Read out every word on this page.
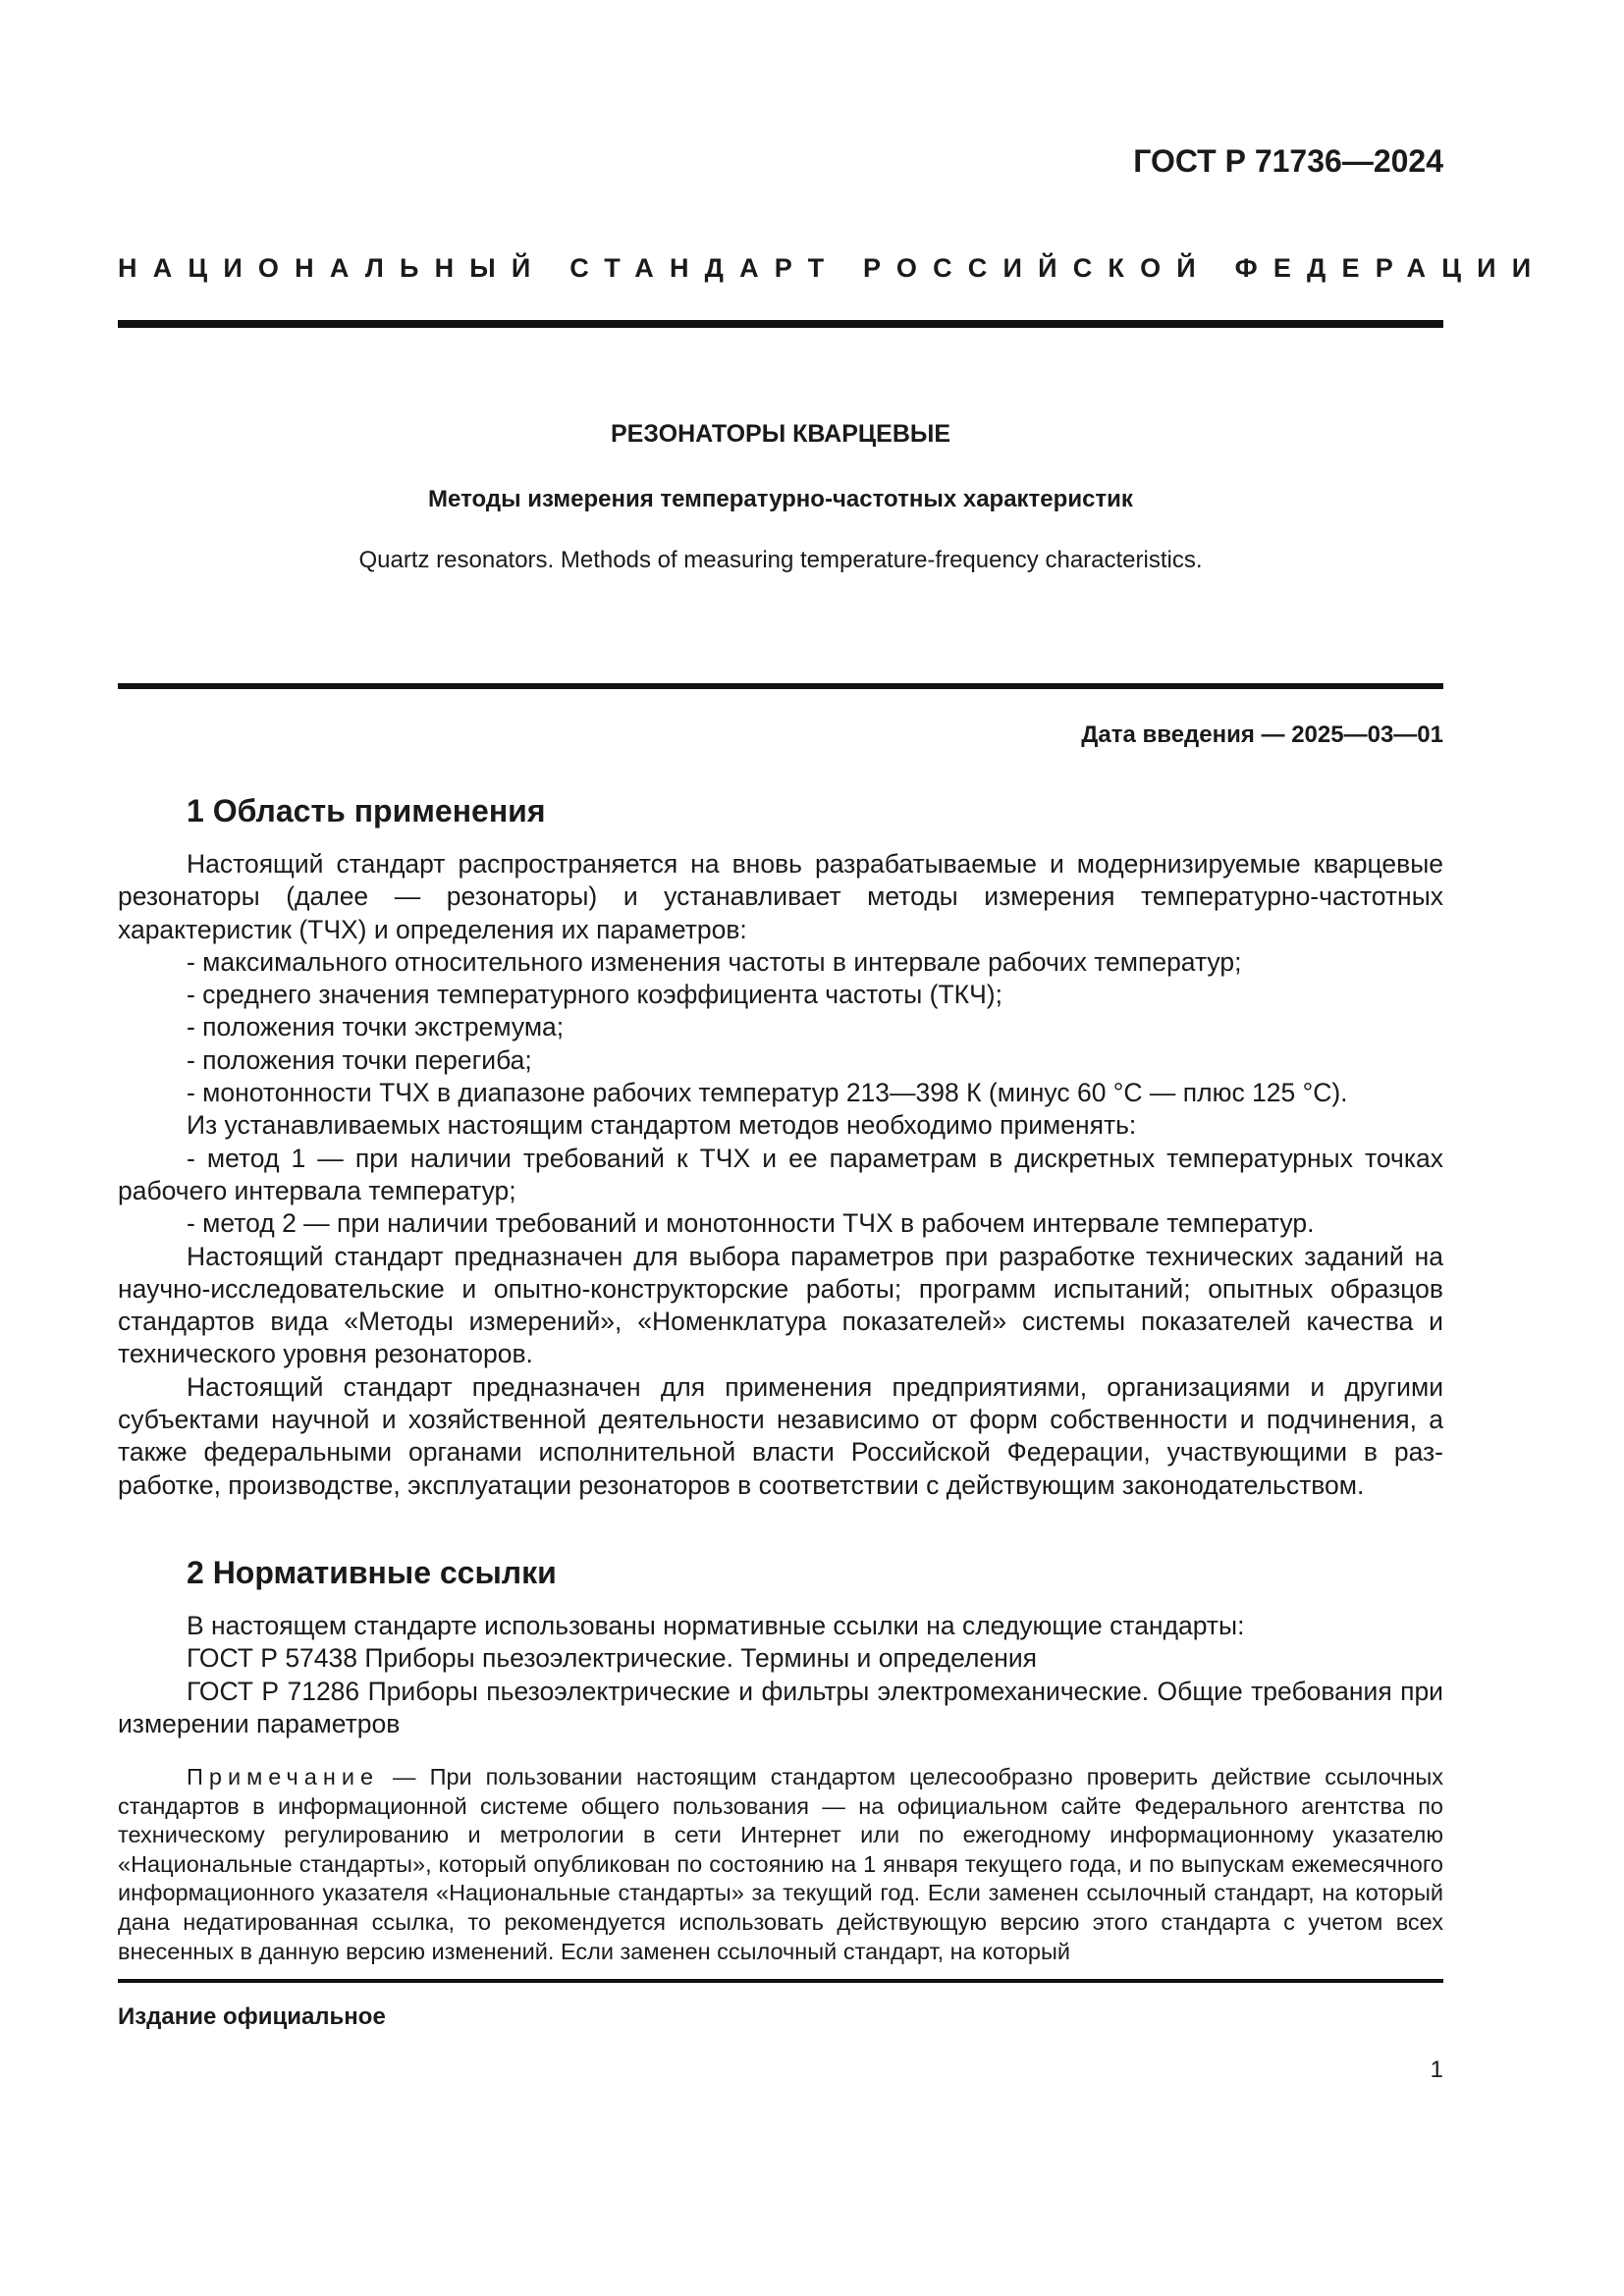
ГОСТ Р 71736—2024
НАЦИОНАЛЬНЫЙ СТАНДАРТ РОССИЙСКОЙ ФЕДЕРАЦИИ
РЕЗОНАТОРЫ КВАРЦЕВЫЕ
Методы измерения температурно-частотных характеристик
Quartz resonators. Methods of measuring temperature-frequency characteristics.
Дата введения — 2025—03—01
1 Область применения

Настоящий стандарт распространяется на вновь разрабатываемые и модернизируемые кварцевые резонаторы (далее — резонаторы) и устанавливает методы измерения температурно-частотных характеристик (ТЧХ) и определения их параметров:

- максимального относительного изменения частоты в интервале рабочих температур;

- среднего значения температурного коэффициента частоты (ТКЧ);

- положения точки экстремума;

- положения точки перегиба;

- монотонности ТЧХ в диапазоне рабочих температур 213—398 К (минус 60 °С — плюс 125 °С).

Из устанавливаемых настоящим стандартом методов необходимо применять:

- метод 1 — при наличии требований к ТЧХ и ее параметрам в дискретных температурных точках рабочего интервала температур;

- метод 2 — при наличии требований и монотонности ТЧХ в рабочем интервале температур.

Настоящий стандарт предназначен для выбора параметров при разработке технических заданий на научно-исследовательские и опытно-конструкторские работы; программ испытаний; опытных образцов стандартов вида «Методы измерений», «Номенклатура показателей» системы показателей качества и технического уровня резонаторов.

Настоящий стандарт предназначен для применения предприятиями, организациями и другими субъектами научной и хозяйственной деятельности независимо от форм собственности и подчинения, а также федеральными органами исполнительной власти Российской Федерации, участвующими в разработке, производстве, эксплуатации резонаторов в соответствии с действующим законодательством.

2 Нормативные ссылки

В настоящем стандарте использованы нормативные ссылки на следующие стандарты:

ГОСТ Р 57438 Приборы пьезоэлектрические. Термины и определения

ГОСТ Р 71286 Приборы пьезоэлектрические и фильтры электромеханические. Общие требования при измерении параметров

Примечание — При пользовании настоящим стандартом целесообразно проверить действие ссылочных стандартов в информационной системе общего пользования — на официальном сайте Федерального агентства по техническому регулированию и метрологии в сети Интернет или по ежегодному информационному указателю «Национальные стандарты», который опубликован по состоянию на 1 января текущего года, и по выпускам ежемесячного информационного указателя «Национальные стандарты» за текущий год. Если заменен ссылочный стандарт, на который дана недатированная ссылка, то рекомендуется использовать действующую версию этого стандарта с учетом всех внесенных в данную версию изменений. Если заменен ссылочный стандарт, на который

Издание официальное
1
